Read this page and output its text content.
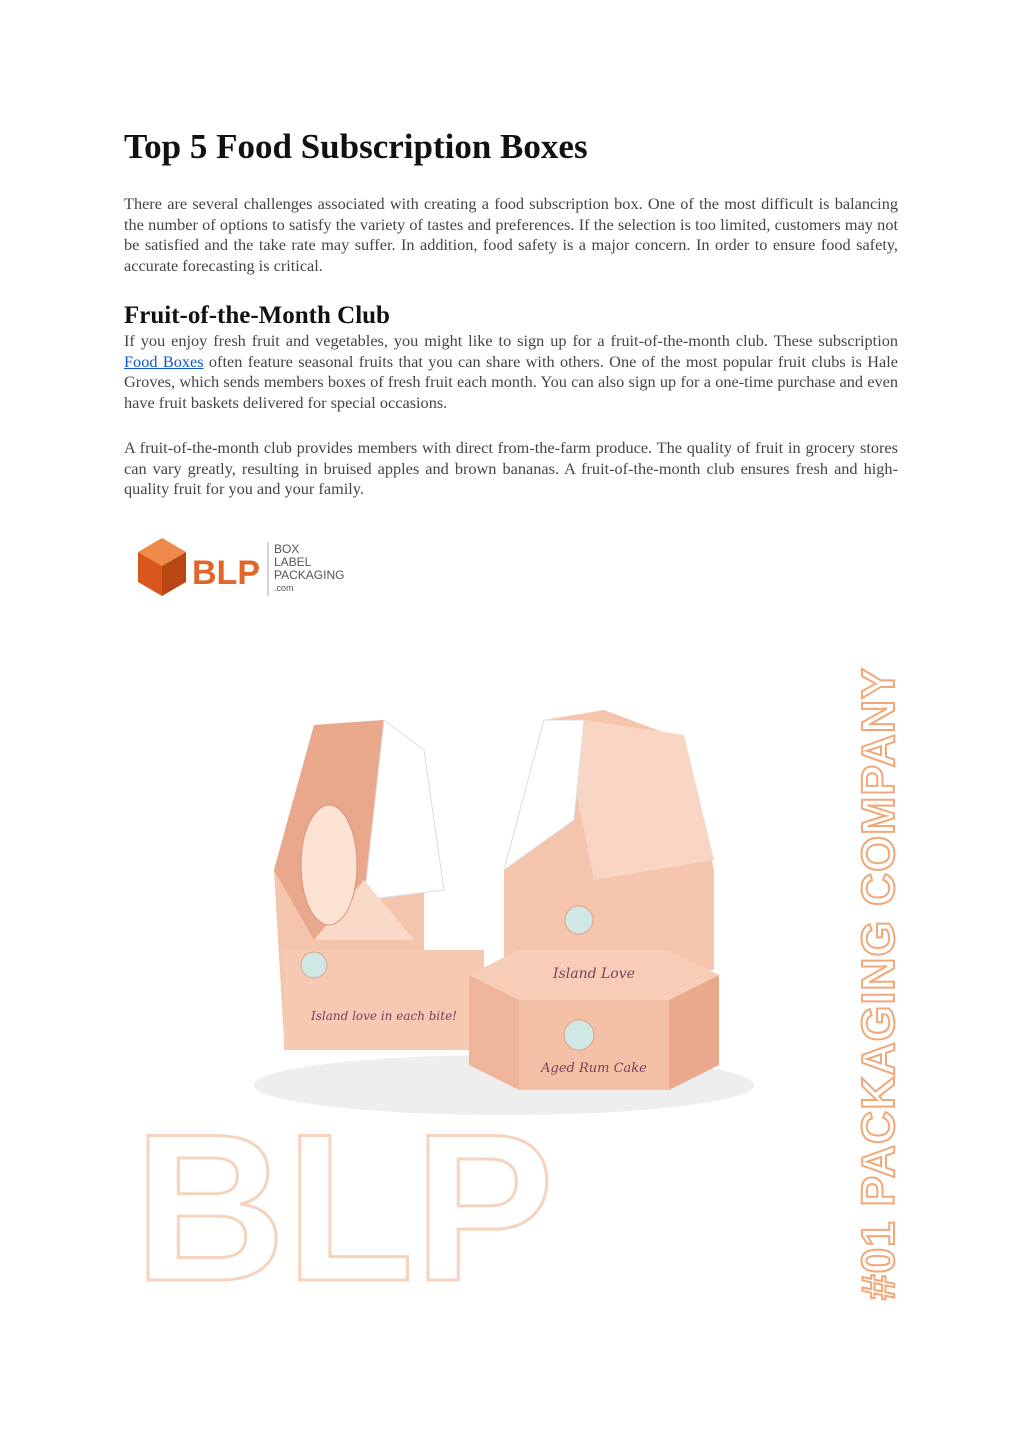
Top 5 Food Subscription Boxes

There are several challenges associated with creating a food subscription box. One of the most difficult is balancing the number of options to satisfy the variety of tastes and preferences. If the selection is too limited, customers may not be satisfied and the take rate may suffer. In addition, food safety is a major concern. In order to ensure food safety, accurate forecasting is critical.

Fruit-of-the-Month Club

If you enjoy fresh fruit and vegetables, you might like to sign up for a fruit-of-the-month club. These subscription Food Boxes often feature seasonal fruits that you can share with others. One of the most popular fruit clubs is Hale Groves, which sends members boxes of fresh fruit each month. You can also sign up for a one-time purchase and even have fruit baskets delivered for special occasions.

A fruit-of-the-month club provides members with direct from-the-farm produce. The quality of fruit in grocery stores can vary greatly, resulting in bruised apples and brown bananas. A fruit-of-the-month club ensures fresh and high-quality fruit for you and your family.

BLP
BOX
LABEL
PACKAGING
.com
Island Love
Aged Rum Cake
Island love in each bite!
BLP	#01 PACKAGING COMPANY
